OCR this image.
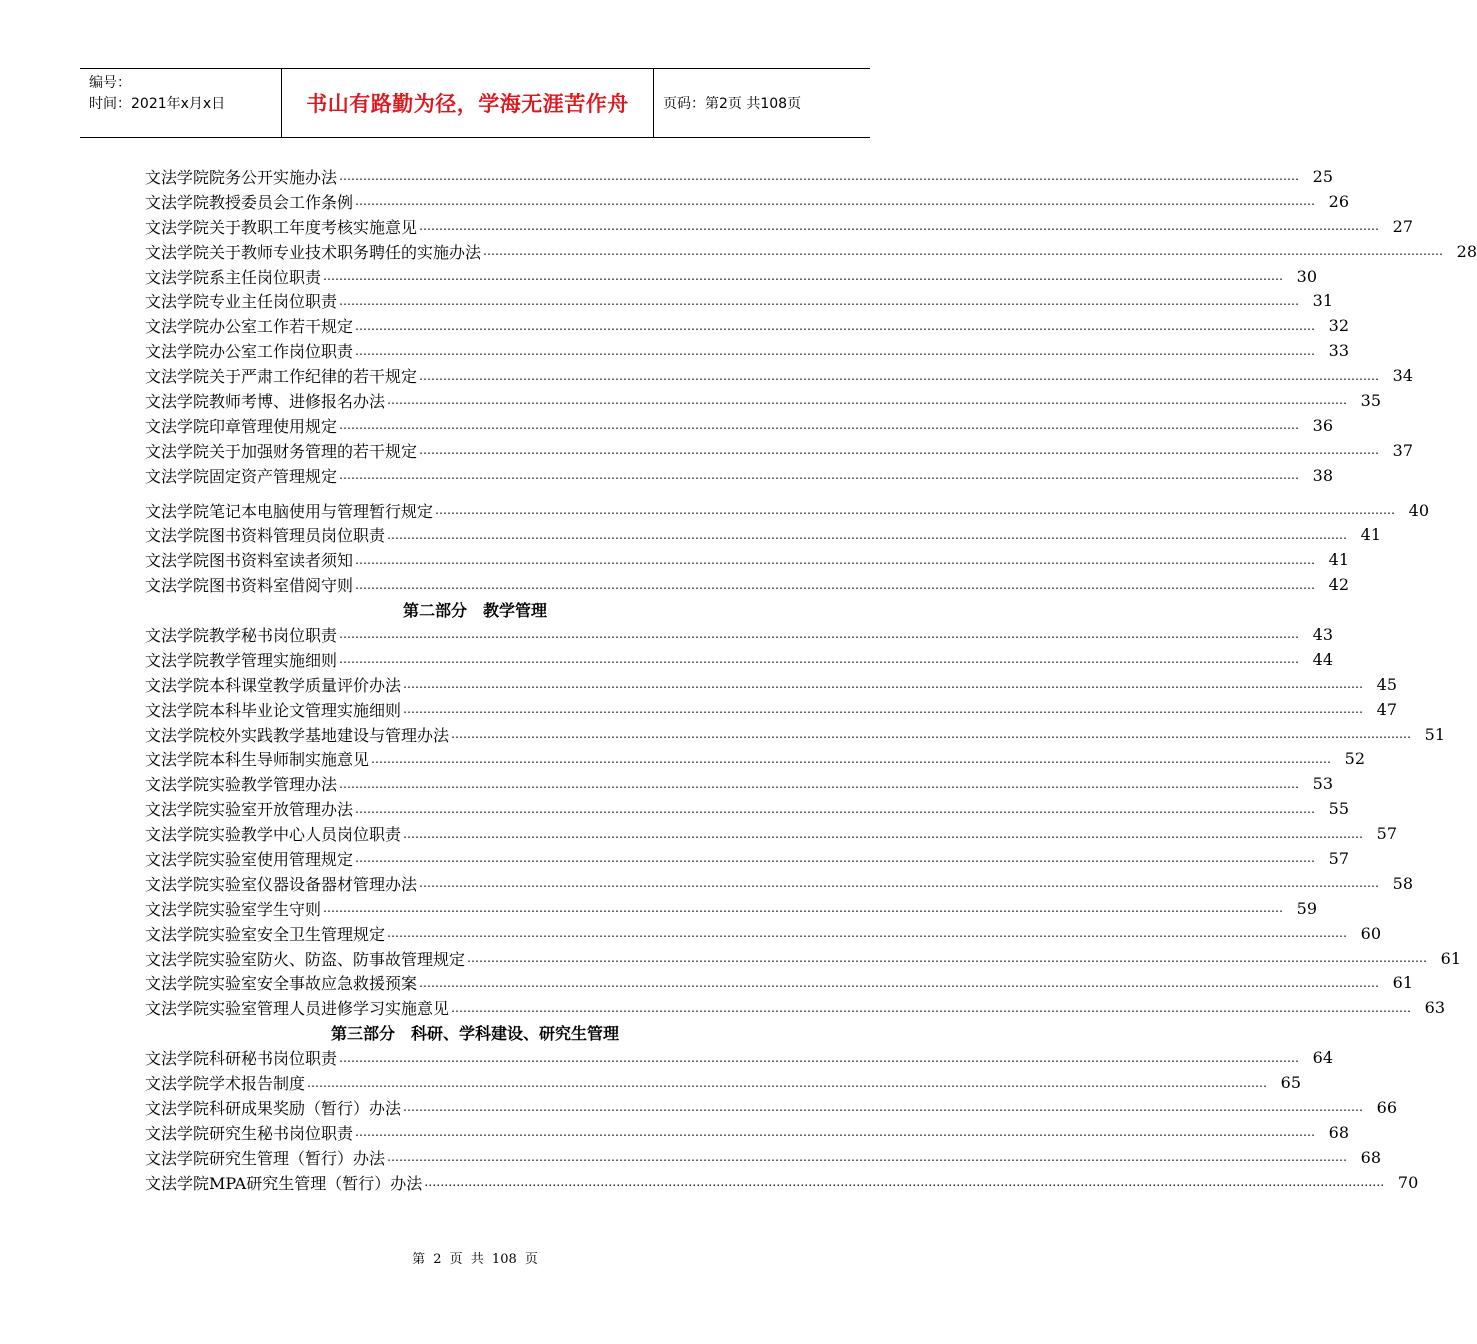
编号：
时间：2021年x月x日	书山有路勤为径，学海无涯苦作舟	页码：第2页 共108页
文法学院院务公开实施办法 …………………………………………………………………………………………………………………………………………………………………………………………………………………… 25
文法学院教授委员会工作条例 …………………………………………………………………………………………………………………………………………………………………………………………………………………… 26
文法学院关于教职工年度考核实施意见 …………………………………………………………………………………………………………………………………………………………………………………………………………………… 27
文法学院关于教师专业技术职务聘任的实施办法 …………………………………………………………………………………………………………………………………………………………………………………………………………………… 28
文法学院系主任岗位职责 …………………………………………………………………………………………………………………………………………………………………………………………………………………… 30
文法学院专业主任岗位职责 …………………………………………………………………………………………………………………………………………………………………………………………………………………… 31
文法学院办公室工作若干规定 …………………………………………………………………………………………………………………………………………………………………………………………………………………… 32
文法学院办公室工作岗位职责 …………………………………………………………………………………………………………………………………………………………………………………………………………………… 33
文法学院关于严肃工作纪律的若干规定 …………………………………………………………………………………………………………………………………………………………………………………………………………………… 34
文法学院教师考博、进修报名办法 …………………………………………………………………………………………………………………………………………………………………………………………………………………… 35
文法学院印章管理使用规定 …………………………………………………………………………………………………………………………………………………………………………………………………………………… 36
文法学院关于加强财务管理的若干规定 …………………………………………………………………………………………………………………………………………………………………………………………………………………… 37
文法学院固定资产管理规定 …………………………………………………………………………………………………………………………………………………………………………………………………………………… 38
文法学院笔记本电脑使用与管理暂行规定 …………………………………………………………………………………………………………………………………………………………………………………………………………………… 40
文法学院图书资料管理员岗位职责 …………………………………………………………………………………………………………………………………………………………………………………………………………………… 41
文法学院图书资料室读者须知 …………………………………………………………………………………………………………………………………………………………………………………………………………………… 41
文法学院图书资料室借阅守则 …………………………………………………………………………………………………………………………………………………………………………………………………………………… 42
第二部分　教学管理
文法学院教学秘书岗位职责 …………………………………………………………………………………………………………………………………………………………………………………………………………………… 43
文法学院教学管理实施细则 …………………………………………………………………………………………………………………………………………………………………………………………………………………… 44
文法学院本科课堂教学质量评价办法 …………………………………………………………………………………………………………………………………………………………………………………………………………………… 45
文法学院本科毕业论文管理实施细则 …………………………………………………………………………………………………………………………………………………………………………………………………………………… 47
文法学院校外实践教学基地建设与管理办法 …………………………………………………………………………………………………………………………………………………………………………………………………………………… 51
文法学院本科生导师制实施意见 …………………………………………………………………………………………………………………………………………………………………………………………………………………… 52
文法学院实验教学管理办法 …………………………………………………………………………………………………………………………………………………………………………………………………………………… 53
文法学院实验室开放管理办法 …………………………………………………………………………………………………………………………………………………………………………………………………………………… 55
文法学院实验教学中心人员岗位职责 …………………………………………………………………………………………………………………………………………………………………………………………………………………… 57
文法学院实验室使用管理规定 …………………………………………………………………………………………………………………………………………………………………………………………………………………… 57
文法学院实验室仪器设备器材管理办法 …………………………………………………………………………………………………………………………………………………………………………………………………………………… 58
文法学院实验室学生守则 …………………………………………………………………………………………………………………………………………………………………………………………………………………… 59
文法学院实验室安全卫生管理规定 …………………………………………………………………………………………………………………………………………………………………………………………………………………… 60
文法学院实验室防火、防盗、防事故管理规定 …………………………………………………………………………………………………………………………………………………………………………………………………………………… 61
文法学院实验室安全事故应急救援预案 …………………………………………………………………………………………………………………………………………………………………………………………………………………… 61
文法学院实验室管理人员进修学习实施意见 …………………………………………………………………………………………………………………………………………………………………………………………………………………… 63
第三部分　科研、学科建设、研究生管理
文法学院科研秘书岗位职责 …………………………………………………………………………………………………………………………………………………………………………………………………………………… 64
文法学院学术报告制度 …………………………………………………………………………………………………………………………………………………………………………………………………………………… 65
文法学院科研成果奖励（暂行）办法 …………………………………………………………………………………………………………………………………………………………………………………………………………………… 66
文法学院研究生秘书岗位职责 …………………………………………………………………………………………………………………………………………………………………………………………………………………… 68
文法学院研究生管理（暂行）办法 …………………………………………………………………………………………………………………………………………………………………………………………………………………… 68
文法学院MPA研究生管理（暂行）办法 …………………………………………………………………………………………………………………………………………………………………………………………………………………… 70
第 2 页 共 108 页
